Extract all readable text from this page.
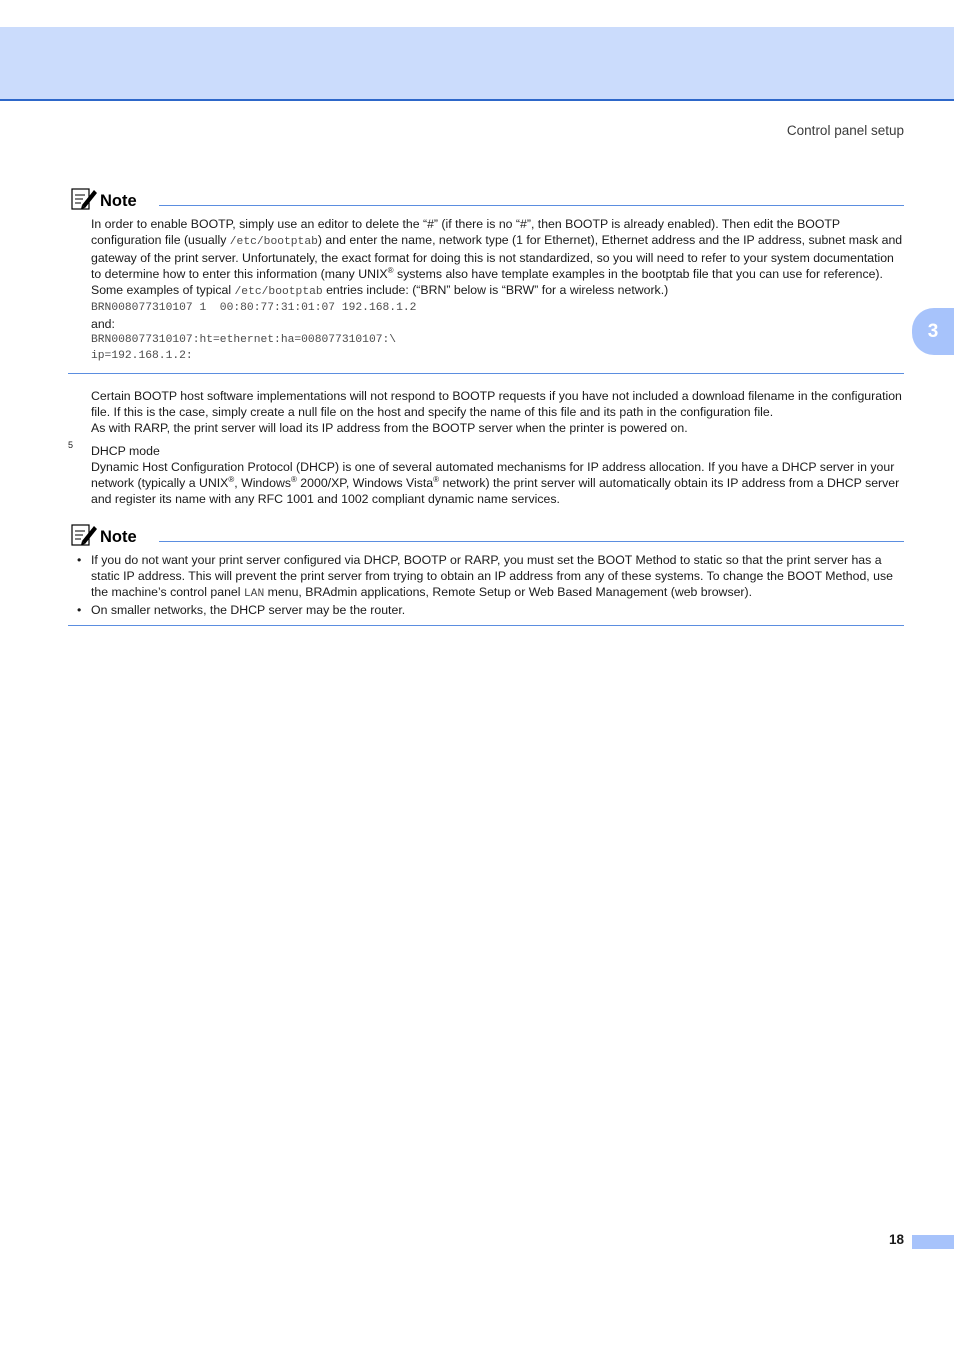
Control panel setup
3
Note

In order to enable BOOTP, simply use an editor to delete the “#” (if there is no “#”, then BOOTP is already enabled). Then edit the BOOTP configuration file (usually /etc/bootptab) and enter the name, network type (1 for Ethernet), Ethernet address and the IP address, subnet mask and gateway of the print server. Unfortunately, the exact format for doing this is not standardized, so you will need to refer to your system documentation to determine how to enter this information (many UNIX® systems also have template examples in the bootptab file that you can use for reference). Some examples of typical /etc/bootptab entries include: (“BRN” below is “BRW” for a wireless network.)

BRN008077310107 1  00:80:77:31:01:07 192.168.1.2
and:
BRN008077310107:ht=ethernet:ha=008077310107:\
ip=192.168.1.2:

Certain BOOTP host software implementations will not respond to BOOTP requests if you have not included a download filename in the configuration file. If this is the case, simply create a null file on the host and specify the name of this file and its path in the configuration file.

As with RARP, the print server will load its IP address from the BOOTP server when the printer is powered on.

5 DHCP mode

Dynamic Host Configuration Protocol (DHCP) is one of several automated mechanisms for IP address allocation. If you have a DHCP server in your network (typically a UNIX®, Windows® 2000/XP, Windows Vista® network) the print server will automatically obtain its IP address from a DHCP server and register its name with any RFC 1001 and 1002 compliant dynamic name services.

Note
• If you do not want your print server configured via DHCP, BOOTP or RARP, you must set the BOOT Method to static so that the print server has a static IP address. This will prevent the print server from trying to obtain an IP address from any of these systems. To change the BOOT Method, use the machine’s control panel LAN menu, BRAdmin applications, Remote Setup or Web Based Management (web browser).
• On smaller networks, the DHCP server may be the router.
18
